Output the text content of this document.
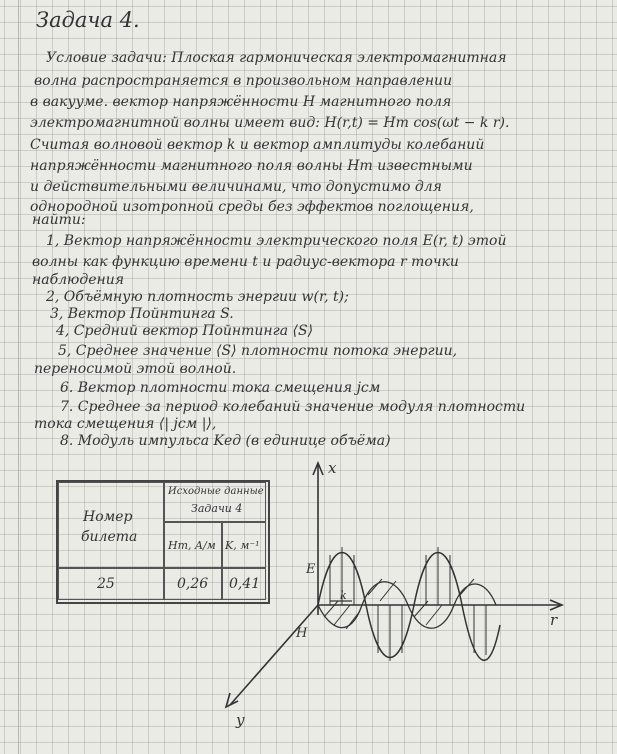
Задача 4.
Условие задачи: Плоская гармоническая электромагнитная
волна распространяется в произвольном направлении
в вакууме. вектор напряжённости H магнитного поля
электромагнитной волны имеет вид: H(r,t) = Hm cos(ωt − k r).
Считая волновой вектор k и вектор амплитуды колебаний
напряжённости магнитного поля волны Hm известными
и действительными величинами, что допустимо для
однородной изотропной среды без эффектов поглощения,
найти:
1, Вектор напряжённости электрического поля E(r, t) этой
волны как функцию времени t и радиус-вектора r точки
наблюдения
2, Объёмную плотность энергии w(r, t);
3, Вектор Пойнтинга S.
4, Средний вектор Пойнтинга ⟨S⟩
5, Среднее значение ⟨S⟩ плотности потока энергии,
переносимой этой волной.
6. Вектор плотности тока смещения jсм
7. Среднее за период колебаний значение модуля плотности
тока смещения ⟨| jсм |⟩,
8. Модуль импульса Kед (в единице объёма)
Номер
билета
Исходные данные
Задачи 4
Hm, A/м K, м⁻¹
25	0,26 0,41
x
y
r
E
H
k
